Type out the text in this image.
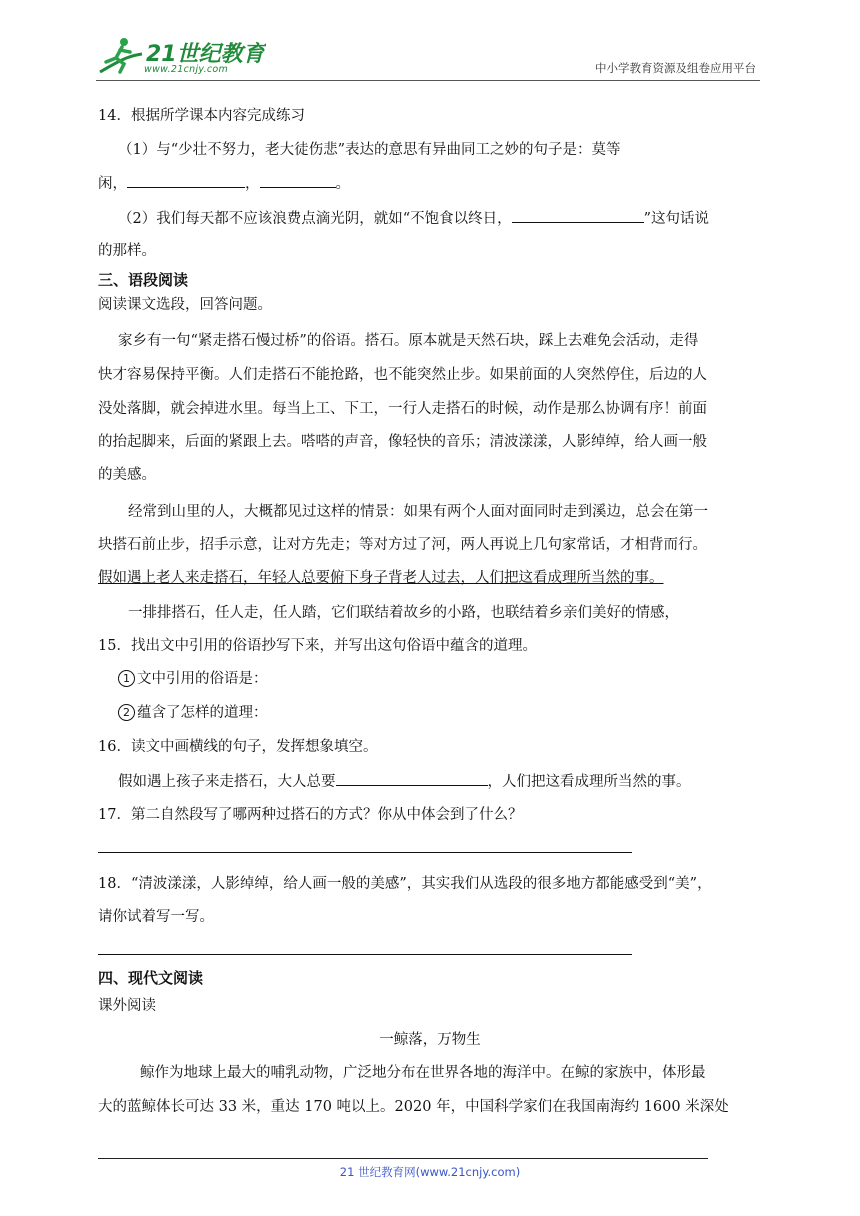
21世纪教育
www.21cnjy.com	中小学教育资源及组卷应用平台
14．根据所学课本内容完成练习
（1）与“少壮不努力，老大徒伤悲”表达的意思有异曲同工之妙的句子是：莫等
闲，	，	。
（2）我们每天都不应该浪费点滴光阴，就如“不饱食以终日，	”这句话说
的那样。
三、语段阅读
阅读课文选段，回答问题。
家乡有一句“紧走搭石慢过桥”的俗语。搭石。原本就是天然石块，踩上去难免会活动，走得
快才容易保持平衡。人们走搭石不能抢路，也不能突然止步。如果前面的人突然停住，后边的人
没处落脚，就会掉进水里。每当上工、下工，一行人走搭石的时候，动作是那么协调有序！前面
的抬起脚来，后面的紧跟上去。嗒嗒的声音，像轻快的音乐；清波漾漾，人影绰绰，给人画一般
的美感。
经常到山里的人，大概都见过这样的情景：如果有两个人面对面同时走到溪边，总会在第一
块搭石前止步，招手示意，让对方先走；等对方过了河，两人再说上几句家常话，才相背而行。
假如遇上老人来走搭石，年轻人总要俯下身子背老人过去，人们把这看成理所当然的事。
一排排搭石，任人走，任人踏，它们联结着故乡的小路，也联结着乡亲们美好的情感，
15．找出文中引用的俗语抄写下来，并写出这句俗语中蕴含的道理。
1 文中引用的俗语是：
2 蕴含了怎样的道理：
16．读文中画横线的句子，发挥想象填空。
假如遇上孩子来走搭石，大人总要	，人们把这看成理所当然的事。
17．第二自然段写了哪两种过搭石的方式？你从中体会到了什么？
18．“清波漾漾，人影绰绰，给人画一般的美感”，其实我们从选段的很多地方都能感受到“美”，
请你试着写一写。
四、现代文阅读
课外阅读
一鲸落，万物生
鲸作为地球上最大的哺乳动物，广泛地分布在世界各地的海洋中。在鲸的家族中，体形最
大的蓝鲸体长可达 33 米，重达 170 吨以上。2020 年，中国科学家们在我国南海约 1600 米深处
21 世纪教育网(www.21cnjy.com)
